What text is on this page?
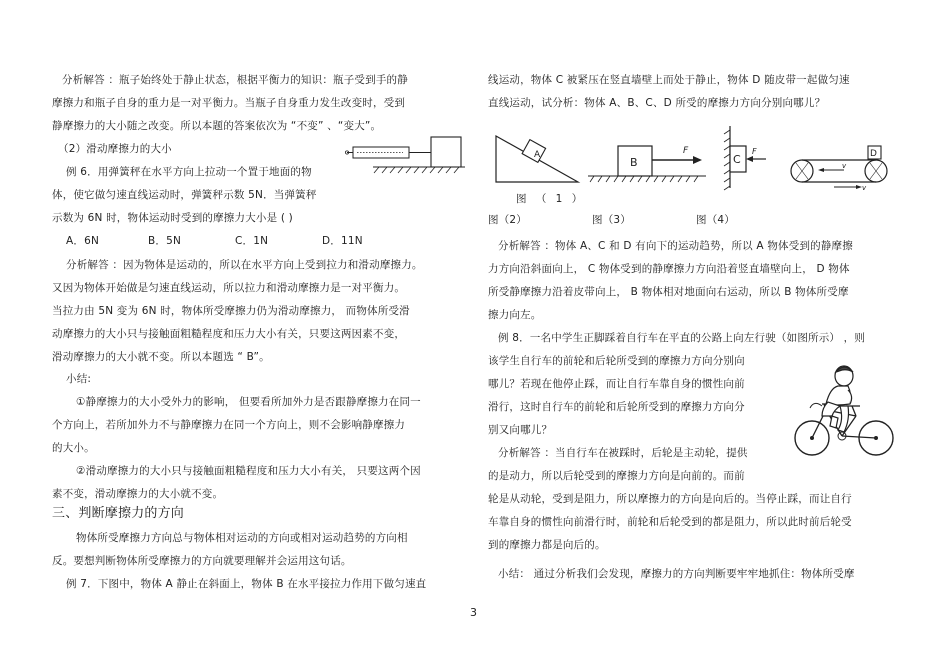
分析解答 ：瓶子始终处于静止状态，根据平衡力的知识：瓶子受到手的静
摩擦力和瓶子自身的重力是一对平衡力。当瓶子自身重力发生改变时，受到
静摩擦力的大小随之改变。所以本题的答案依次为 “不变” 、“变大”。
（2）滑动摩擦力的大小
例 6．用弹簧秤在水平方向上拉动一个置于地面的物
体，使它做匀速直线运动时，弹簧秤示数 5N．当弹簧秤
示数为 6N 时，物体运动时受到的摩擦力大小是 ( )
A．6N	B．5N	C．1N	D．11N
分析解答 ：因为物体是运动的，所以在水平方向上受到拉力和滑动摩擦力。
又因为物体开始做是匀速直线运动，所以拉力和滑动摩擦力是一对平衡力。
当拉力由 5N 变为 6N 时，物体所受摩擦力仍为滑动摩擦力， 而物体所受滑
动摩擦力的大小只与接触面粗糙程度和压力大小有关，只要这两因素不变，
滑动摩擦力的大小就不变。所以本题选 “ B”。
小结:
①静摩擦力的大小受外力的影响， 但要看所加外力是否跟静摩擦力在同一
个方向上，若所加外力不与静摩擦力在同一个方向上，则不会影响静摩擦力
的大小。
②滑动摩擦力的大小只与接触面粗糙程度和压力大小有关， 只要这两个因
素不变，滑动摩擦力的大小就不变。
三、判断摩擦力的方向
物体所受摩擦力方向总与物体相对运动的方向或相对运动趋势的方向相
反。要想判断物体所受摩擦力的方向就要理解并会运用这句话。
例 7．下图中，物体 A 静止在斜面上，物体 B 在水平接拉力作用下做匀速直
线运动，物体 C 被紧压在竖直墙壁上而处于静止，物体 D 随皮带一起做匀速
直线运动，试分析：物体 A、B、C、D 所受的摩擦力方向分别向哪儿？
A
B
F
C
F	D
v
v
图 （ 1 ）
图（2）	图（3）	图（4）
分析解答 ：物体 A、C 和 D 有向下的运动趋势，所以 A 物体受到的静摩擦
力方向沿斜面向上， C 物体受到的静摩擦力方向沿着竖直墙壁向上， D 物体
所受静摩擦力沿着皮带向上， B 物体相对地面向右运动，所以 B 物体所受摩
擦力向左。
例 8．一名中学生正脚踩着自行车在平直的公路上向左行驶（如图所示） ，则
该学生自行车的前轮和后轮所受到的摩擦力方向分别向
哪儿？若现在他停止踩，而让自行车靠自身的惯性向前
滑行，这时自行车的前轮和后轮所受到的摩擦力方向分
别又向哪儿？
分析解答 ：当自行车在被踩时，后轮是主动轮，提供
的是动力，所以后轮受到的摩擦力方向是向前的。而前
轮是从动轮，受到是阻力，所以摩擦力的方向是向后的。当停止踩，而让自行
车靠自身的惯性向前滑行时，前轮和后轮受到的都是阻力，所以此时前后轮受
到的摩擦力都是向后的。
小结： 通过分析我们会发现，摩擦力的方向判断要牢牢地抓住：物体所受摩
3
